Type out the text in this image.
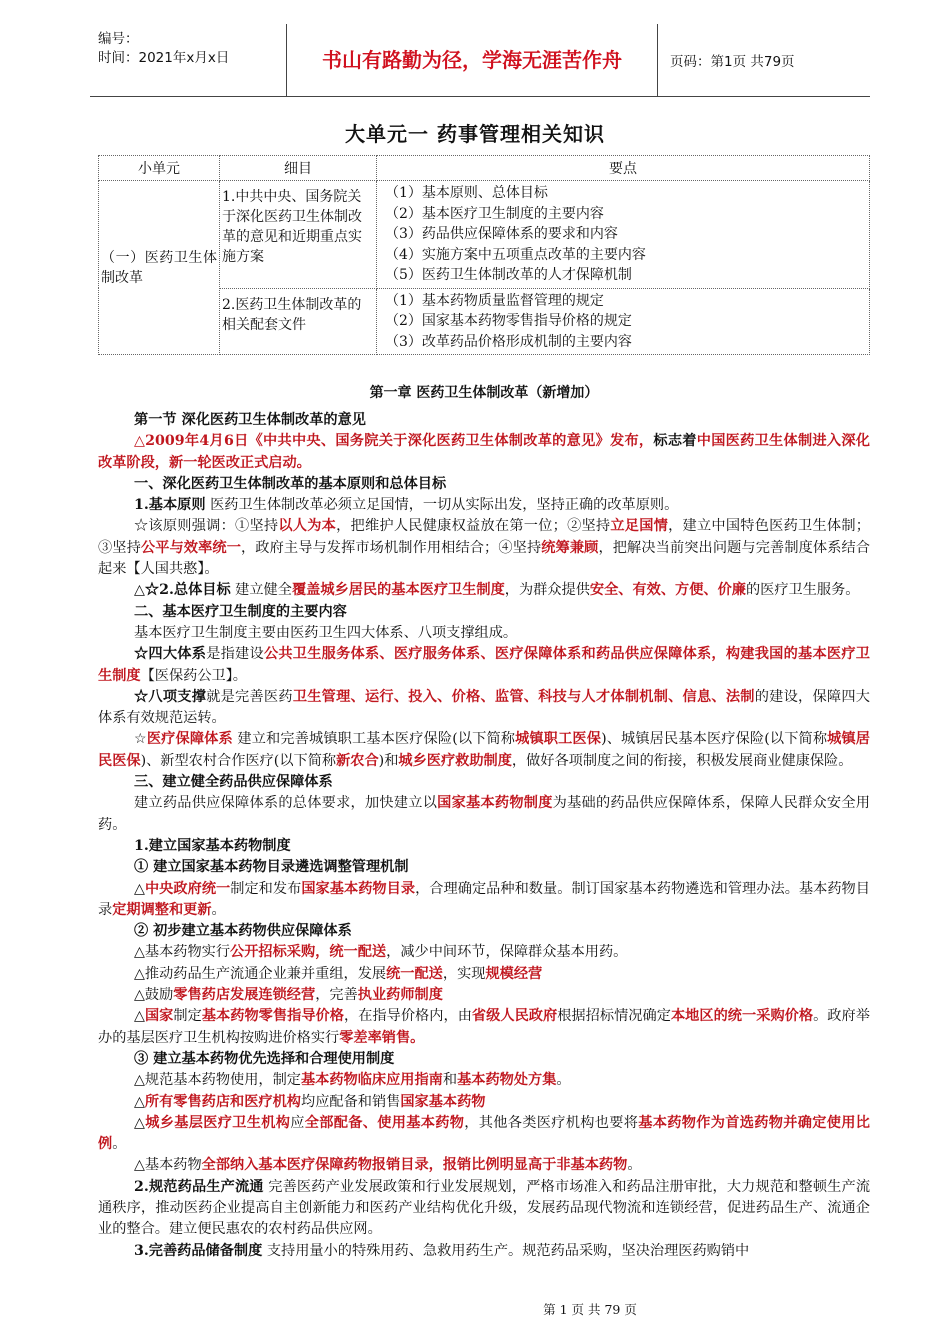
编号：
时间：2021年x月x日	书山有路勤为径，学海无涯苦作舟	页码：第1页 共79页
大单元一 药事管理相关知识
小单元	细目	要点
（一）医药卫生体制改革	1.中共中央、国务院关于深化医药卫生体制改革的意见和近期重点实施方案	（1）基本原则、总体目标
（2）基本医疗卫生制度的主要内容
（3）药品供应保障体系的要求和内容
（4）实施方案中五项重点改革的主要内容
（5）医药卫生体制改革的人才保障机制

	2.医药卫生体制改革的相关配套文件	（1）基本药物质量监督管理的规定
（2）国家基本药物零售指导价格的规定
（3）改革药品价格形成机制的主要内容

第一章 医药卫生体制改革（新增加）

第一节 深化医药卫生体制改革的意见

△2009年4月6日《中共中央、国务院关于深化医药卫生体制改革的意见》发布，标志着中国医药卫生体制进入深化改革阶段，新一轮医改正式启动。

一、深化医药卫生体制改革的基本原则和总体目标

1.基本原则 医药卫生体制改革必须立足国情，一切从实际出发，坚持正确的改革原则。

☆该原则强调：①坚持以人为本，把维护人民健康权益放在第一位；②坚持立足国情，建立中国特色医药卫生体制；③坚持公平与效率统一，政府主导与发挥市场机制作用相结合；④坚持统筹兼顾，把解决当前突出问题与完善制度体系结合起来【人国共憨】。

△☆2.总体目标 建立健全覆盖城乡居民的基本医疗卫生制度，为群众提供安全、有效、方便、价廉的医疗卫生服务。

二、基本医疗卫生制度的主要内容

基本医疗卫生制度主要由医药卫生四大体系、八项支撑组成。

☆四大体系是指建设公共卫生服务体系、医疗服务体系、医疗保障体系和药品供应保障体系，构建我国的基本医疗卫生制度【医保药公卫】。

☆八项支撑就是完善医药卫生管理、运行、投入、价格、监管、科技与人才体制机制、信息、法制的建设，保障四大体系有效规范运转。

☆医疗保障体系 建立和完善城镇职工基本医疗保险(以下简称城镇职工医保)、城镇居民基本医疗保险(以下简称城镇居民医保)、新型农村合作医疗(以下简称新农合)和城乡医疗救助制度，做好各项制度之间的衔接，积极发展商业健康保险。

三、建立健全药品供应保障体系

建立药品供应保障体系的总体要求，加快建立以国家基本药物制度为基础的药品供应保障体系，保障人民群众安全用药。

1.建立国家基本药物制度

① 建立国家基本药物目录遴选调整管理机制

△中央政府统一制定和发布国家基本药物目录，合理确定品种和数量。制订国家基本药物遴选和管理办法。基本药物目录定期调整和更新。

② 初步建立基本药物供应保障体系

△基本药物实行公开招标采购，统一配送，减少中间环节，保障群众基本用药。

△推动药品生产流通企业兼并重组，发展统一配送，实现规模经营

△鼓励零售药店发展连锁经营，完善执业药师制度

△国家制定基本药物零售指导价格，在指导价格内，由省级人民政府根据招标情况确定本地区的统一采购价格。政府举办的基层医疗卫生机构按购进价格实行零差率销售。

③ 建立基本药物优先选择和合理使用制度

△规范基本药物使用，制定基本药物临床应用指南和基本药物处方集。

△所有零售药店和医疗机构均应配备和销售国家基本药物

△城乡基层医疗卫生机构应全部配备、使用基本药物，其他各类医疗机构也要将基本药物作为首选药物并确定使用比例。

△基本药物全部纳入基本医疗保障药物报销目录，报销比例明显高于非基本药物。

2.规范药品生产流通 完善医药产业发展政策和行业发展规划，严格市场准入和药品注册审批，大力规范和整顿生产流通秩序，推动医药企业提高自主创新能力和医药产业结构优化升级，发展药品现代物流和连锁经营，促进药品生产、流通企业的整合。建立便民惠农的农村药品供应网。

3.完善药品储备制度 支持用量小的特殊用药、急救用药生产。规范药品采购，坚决治理医药购销中

第 1 页 共 79 页
